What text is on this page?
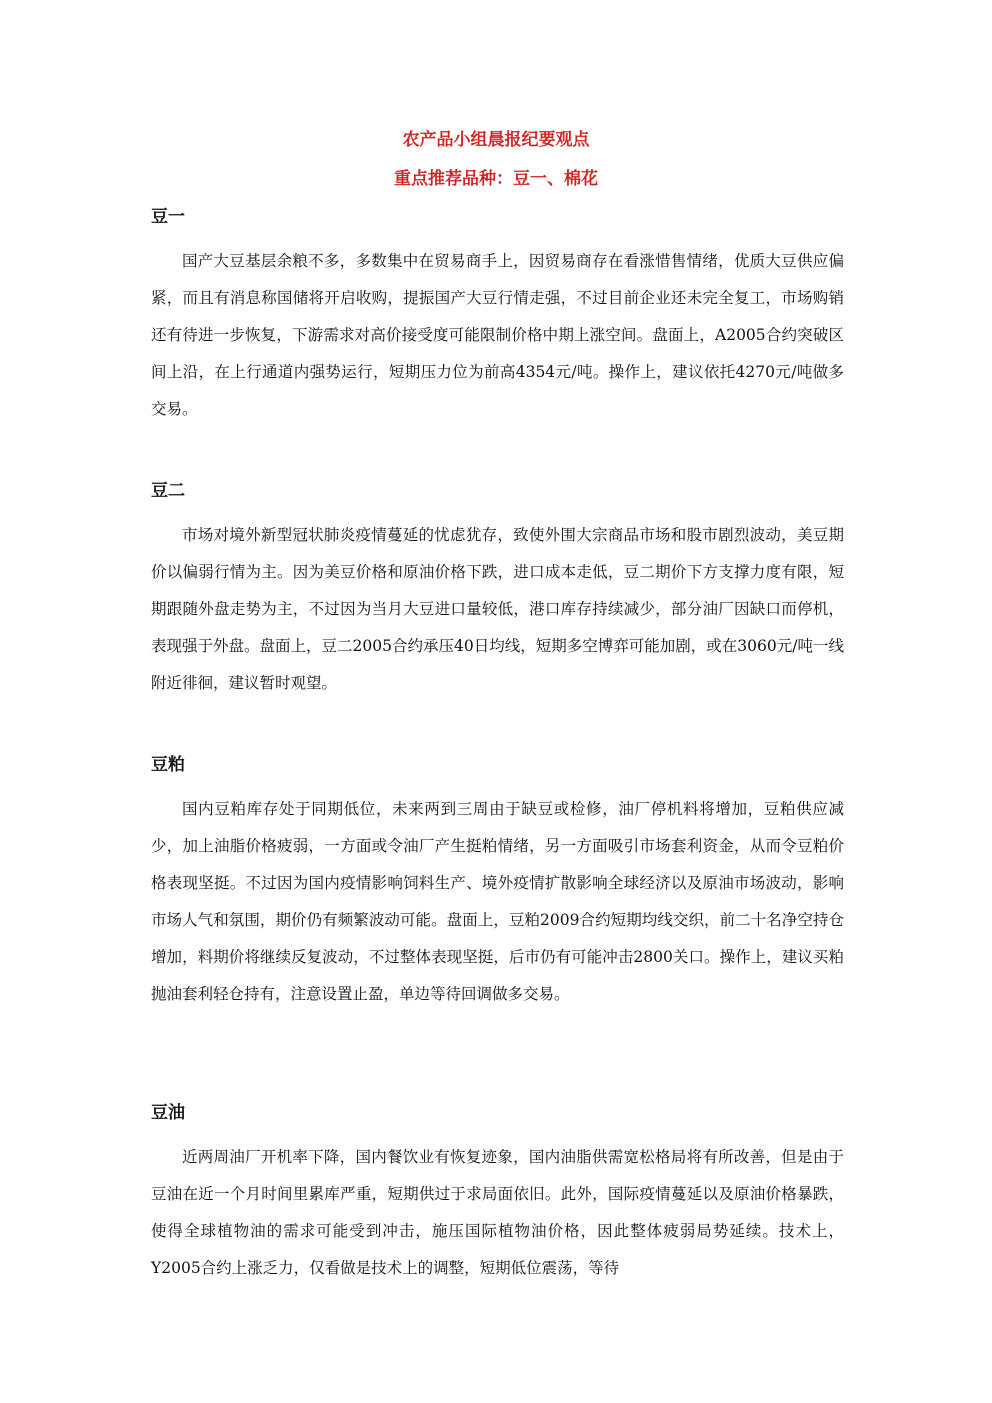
农产品小组晨报纪要观点
重点推荐品种：豆一、棉花
豆一

国产大豆基层余粮不多，多数集中在贸易商手上，因贸易商存在看涨惜售情绪，优质大豆供应偏紧，而且有消息称国储将开启收购，提振国产大豆行情走强，不过目前企业还未完全复工，市场购销还有待进一步恢复，下游需求对高价接受度可能限制价格中期上涨空间。盘面上，A2005合约突破区间上沿，在上行通道内强势运行，短期压力位为前高4354元/吨。操作上，建议依托4270元/吨做多交易。

豆二

市场对境外新型冠状肺炎疫情蔓延的忧虑犹存，致使外围大宗商品市场和股市剧烈波动，美豆期价以偏弱行情为主。因为美豆价格和原油价格下跌，进口成本走低，豆二期价下方支撑力度有限，短期跟随外盘走势为主，不过因为当月大豆进口量较低，港口库存持续减少，部分油厂因缺口而停机，表现强于外盘。盘面上，豆二2005合约承压40日均线，短期多空博弈可能加剧，或在3060元/吨一线附近徘徊，建议暂时观望。

豆粕

国内豆粕库存处于同期低位，未来两到三周由于缺豆或检修，油厂停机料将增加，豆粕供应减少，加上油脂价格疲弱，一方面或令油厂产生挺粕情绪，另一方面吸引市场套利资金，从而令豆粕价格表现坚挺。不过因为国内疫情影响饲料生产、境外疫情扩散影响全球经济以及原油市场波动，影响市场人气和氛围，期价仍有频繁波动可能。盘面上，豆粕2009合约短期均线交织，前二十名净空持仓增加，料期价将继续反复波动，不过整体表现坚挺，后市仍有可能冲击2800关口。操作上，建议买粕抛油套利轻仓持有，注意设置止盈，单边等待回调做多交易。

豆油

近两周油厂开机率下降，国内餐饮业有恢复迹象，国内油脂供需宽松格局将有所改善，但是由于豆油在近一个月时间里累库严重，短期供过于求局面依旧。此外，国际疫情蔓延以及原油价格暴跌，使得全球植物油的需求可能受到冲击，施压国际植物油价格，因此整体疲弱局势延续。技术上，Y2005合约上涨乏力，仅看做是技术上的调整，短期低位震荡，等待
